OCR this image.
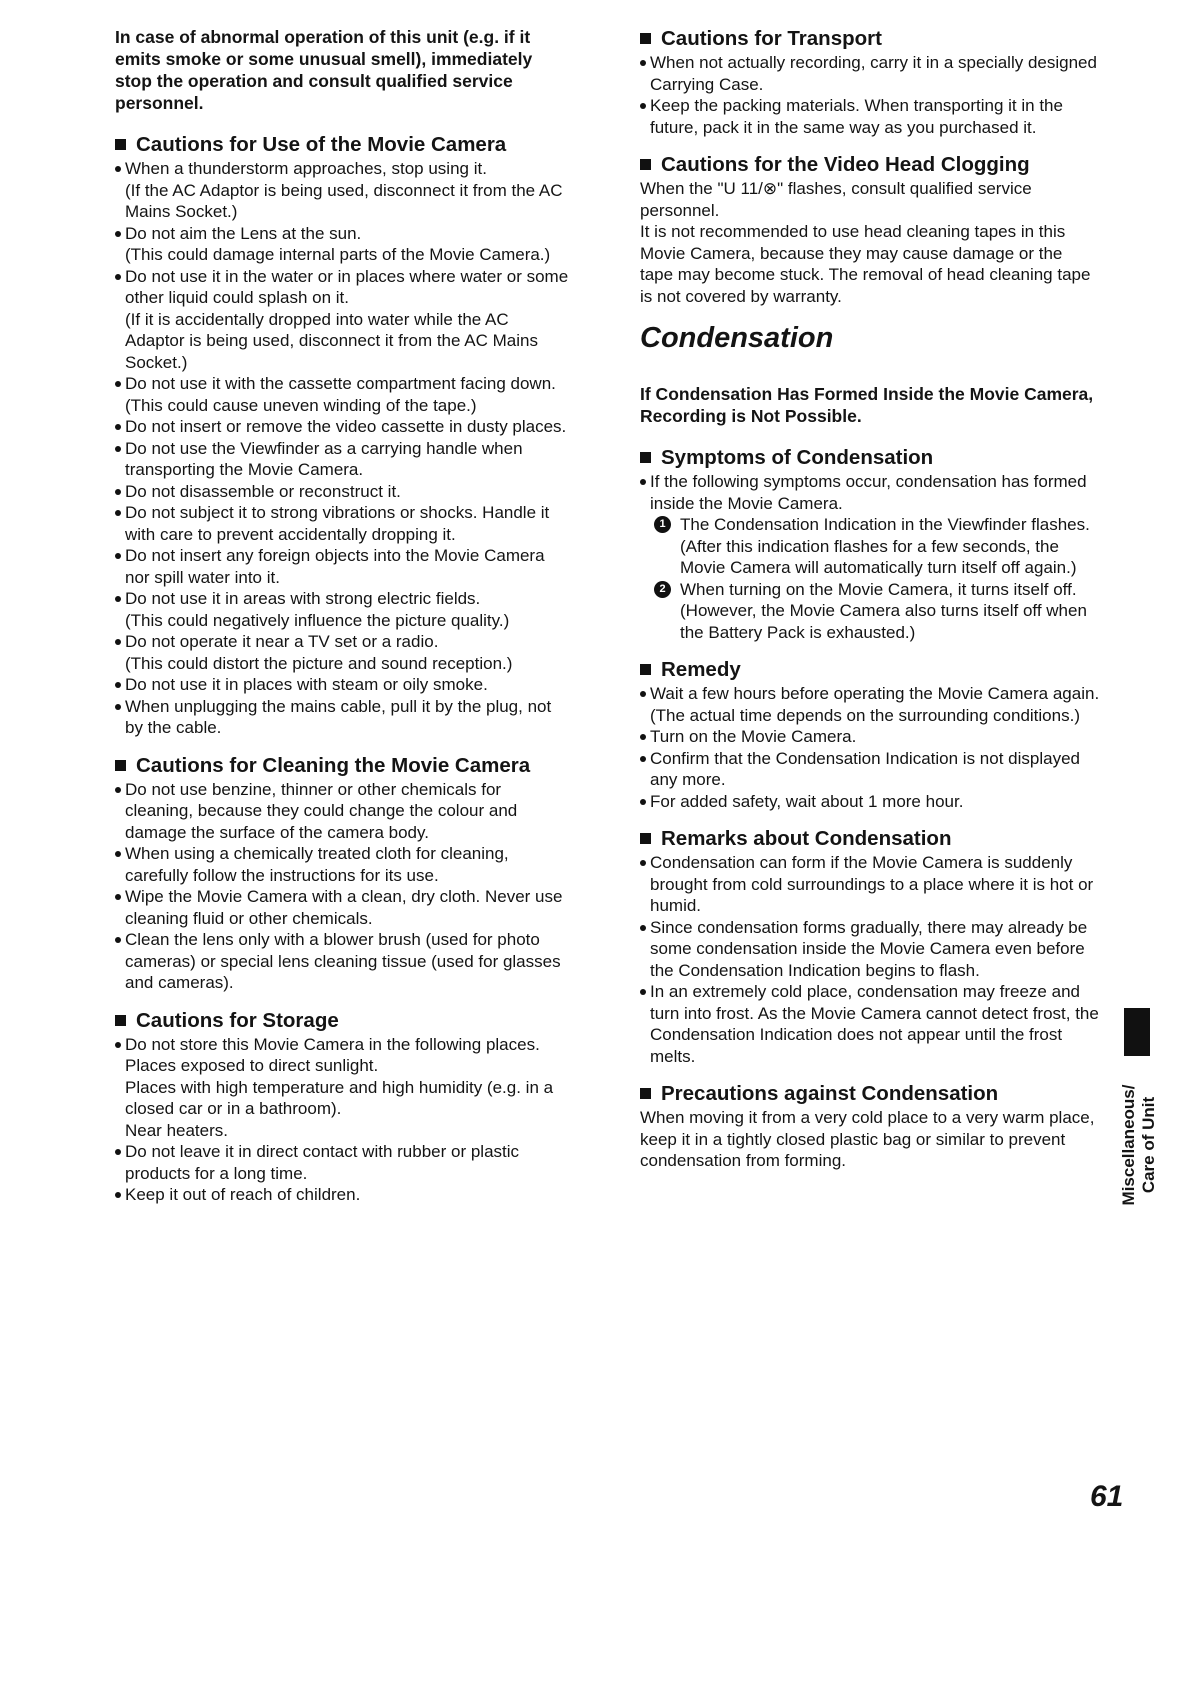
In case of abnormal operation of this unit (e.g. if it emits smoke or some unusual smell), immediately stop the operation and consult qualified service personnel.

Cautions for Use of the Movie Camera
When a thunderstorm approaches, stop using it.
(If the AC Adaptor is being used, disconnect it from the AC Mains Socket.)
Do not aim the Lens at the sun.
(This could damage internal parts of the Movie Camera.)
Do not use it in the water or in places where water or some other liquid could splash on it.
(If it is accidentally dropped into water while the AC Adaptor is being used, disconnect it from the AC Mains Socket.)
Do not use it with the cassette compartment facing down.
(This could cause uneven winding of the tape.)
Do not insert or remove the video cassette in dusty places.
Do not use the Viewfinder as a carrying handle when transporting the Movie Camera.
Do not disassemble or reconstruct it.
Do not subject it to strong vibrations or shocks. Handle it with care to prevent accidentally dropping it.
Do not insert any foreign objects into the Movie Camera nor spill water into it.
Do not use it in areas with strong electric fields.
(This could negatively influence the picture quality.)
Do not operate it near a TV set or a radio.
(This could distort the picture and sound reception.)
Do not use it in places with steam or oily smoke.
When unplugging the mains cable, pull it by the plug, not by the cable.
Cautions for Cleaning the Movie Camera
Do not use benzine, thinner or other chemicals for cleaning, because they could change the colour and damage the surface of the camera body.
When using a chemically treated cloth for cleaning, carefully follow the instructions for its use.
Wipe the Movie Camera with a clean, dry cloth. Never use cleaning fluid or other chemicals.
Clean the lens only with a blower brush (used for photo cameras) or special lens cleaning tissue (used for glasses and cameras).
Cautions for Storage
Do not store this Movie Camera in the following places.
Places exposed to direct sunlight.
Places with high temperature and high humidity (e.g. in a closed car or in a bathroom).
Near heaters.
Do not leave it in direct contact with rubber or plastic products for a long time.
Keep it out of reach of children.
Cautions for Transport
When not actually recording, carry it in a specially designed Carrying Case.
Keep the packing materials. When transporting it in the future, pack it in the same way as you purchased it.
Cautions for the Video Head Clogging

When the "U 11/⊗" flashes, consult qualified service personnel.

It is not recommended to use head cleaning tapes in this Movie Camera, because they may cause damage or the tape may become stuck. The removal of head cleaning tape is not covered by warranty.

Condensation

If Condensation Has Formed Inside the Movie Camera, Recording is Not Possible.

Symptoms of Condensation
If the following symptoms occur, condensation has formed inside the Movie Camera.
1 The Condensation Indication in the Viewfinder flashes.
(After this indication flashes for a few seconds, the Movie Camera will automatically turn itself off again.)
2 When turning on the Movie Camera, it turns itself off.
(However, the Movie Camera also turns itself off when the Battery Pack is exhausted.)
Remedy
Wait a few hours before operating the Movie Camera again.
(The actual time depends on the surrounding conditions.)
Turn on the Movie Camera.
Confirm that the Condensation Indication is not displayed any more.
For added safety, wait about 1 more hour.
Remarks about Condensation
Condensation can form if the Movie Camera is suddenly brought from cold surroundings to a place where it is hot or humid.
Since condensation forms gradually, there may already be some condensation inside the Movie Camera even before the Condensation Indication begins to flash.
In an extremely cold place, condensation may freeze and turn into frost. As the Movie Camera cannot detect frost, the Condensation Indication does not appear until the frost melts.
Precautions against Condensation

When moving it from a very cold place to a very warm place, keep it in a tightly closed plastic bag or similar to prevent condensation from forming.	Miscellaneous/ Care of Unit
61
